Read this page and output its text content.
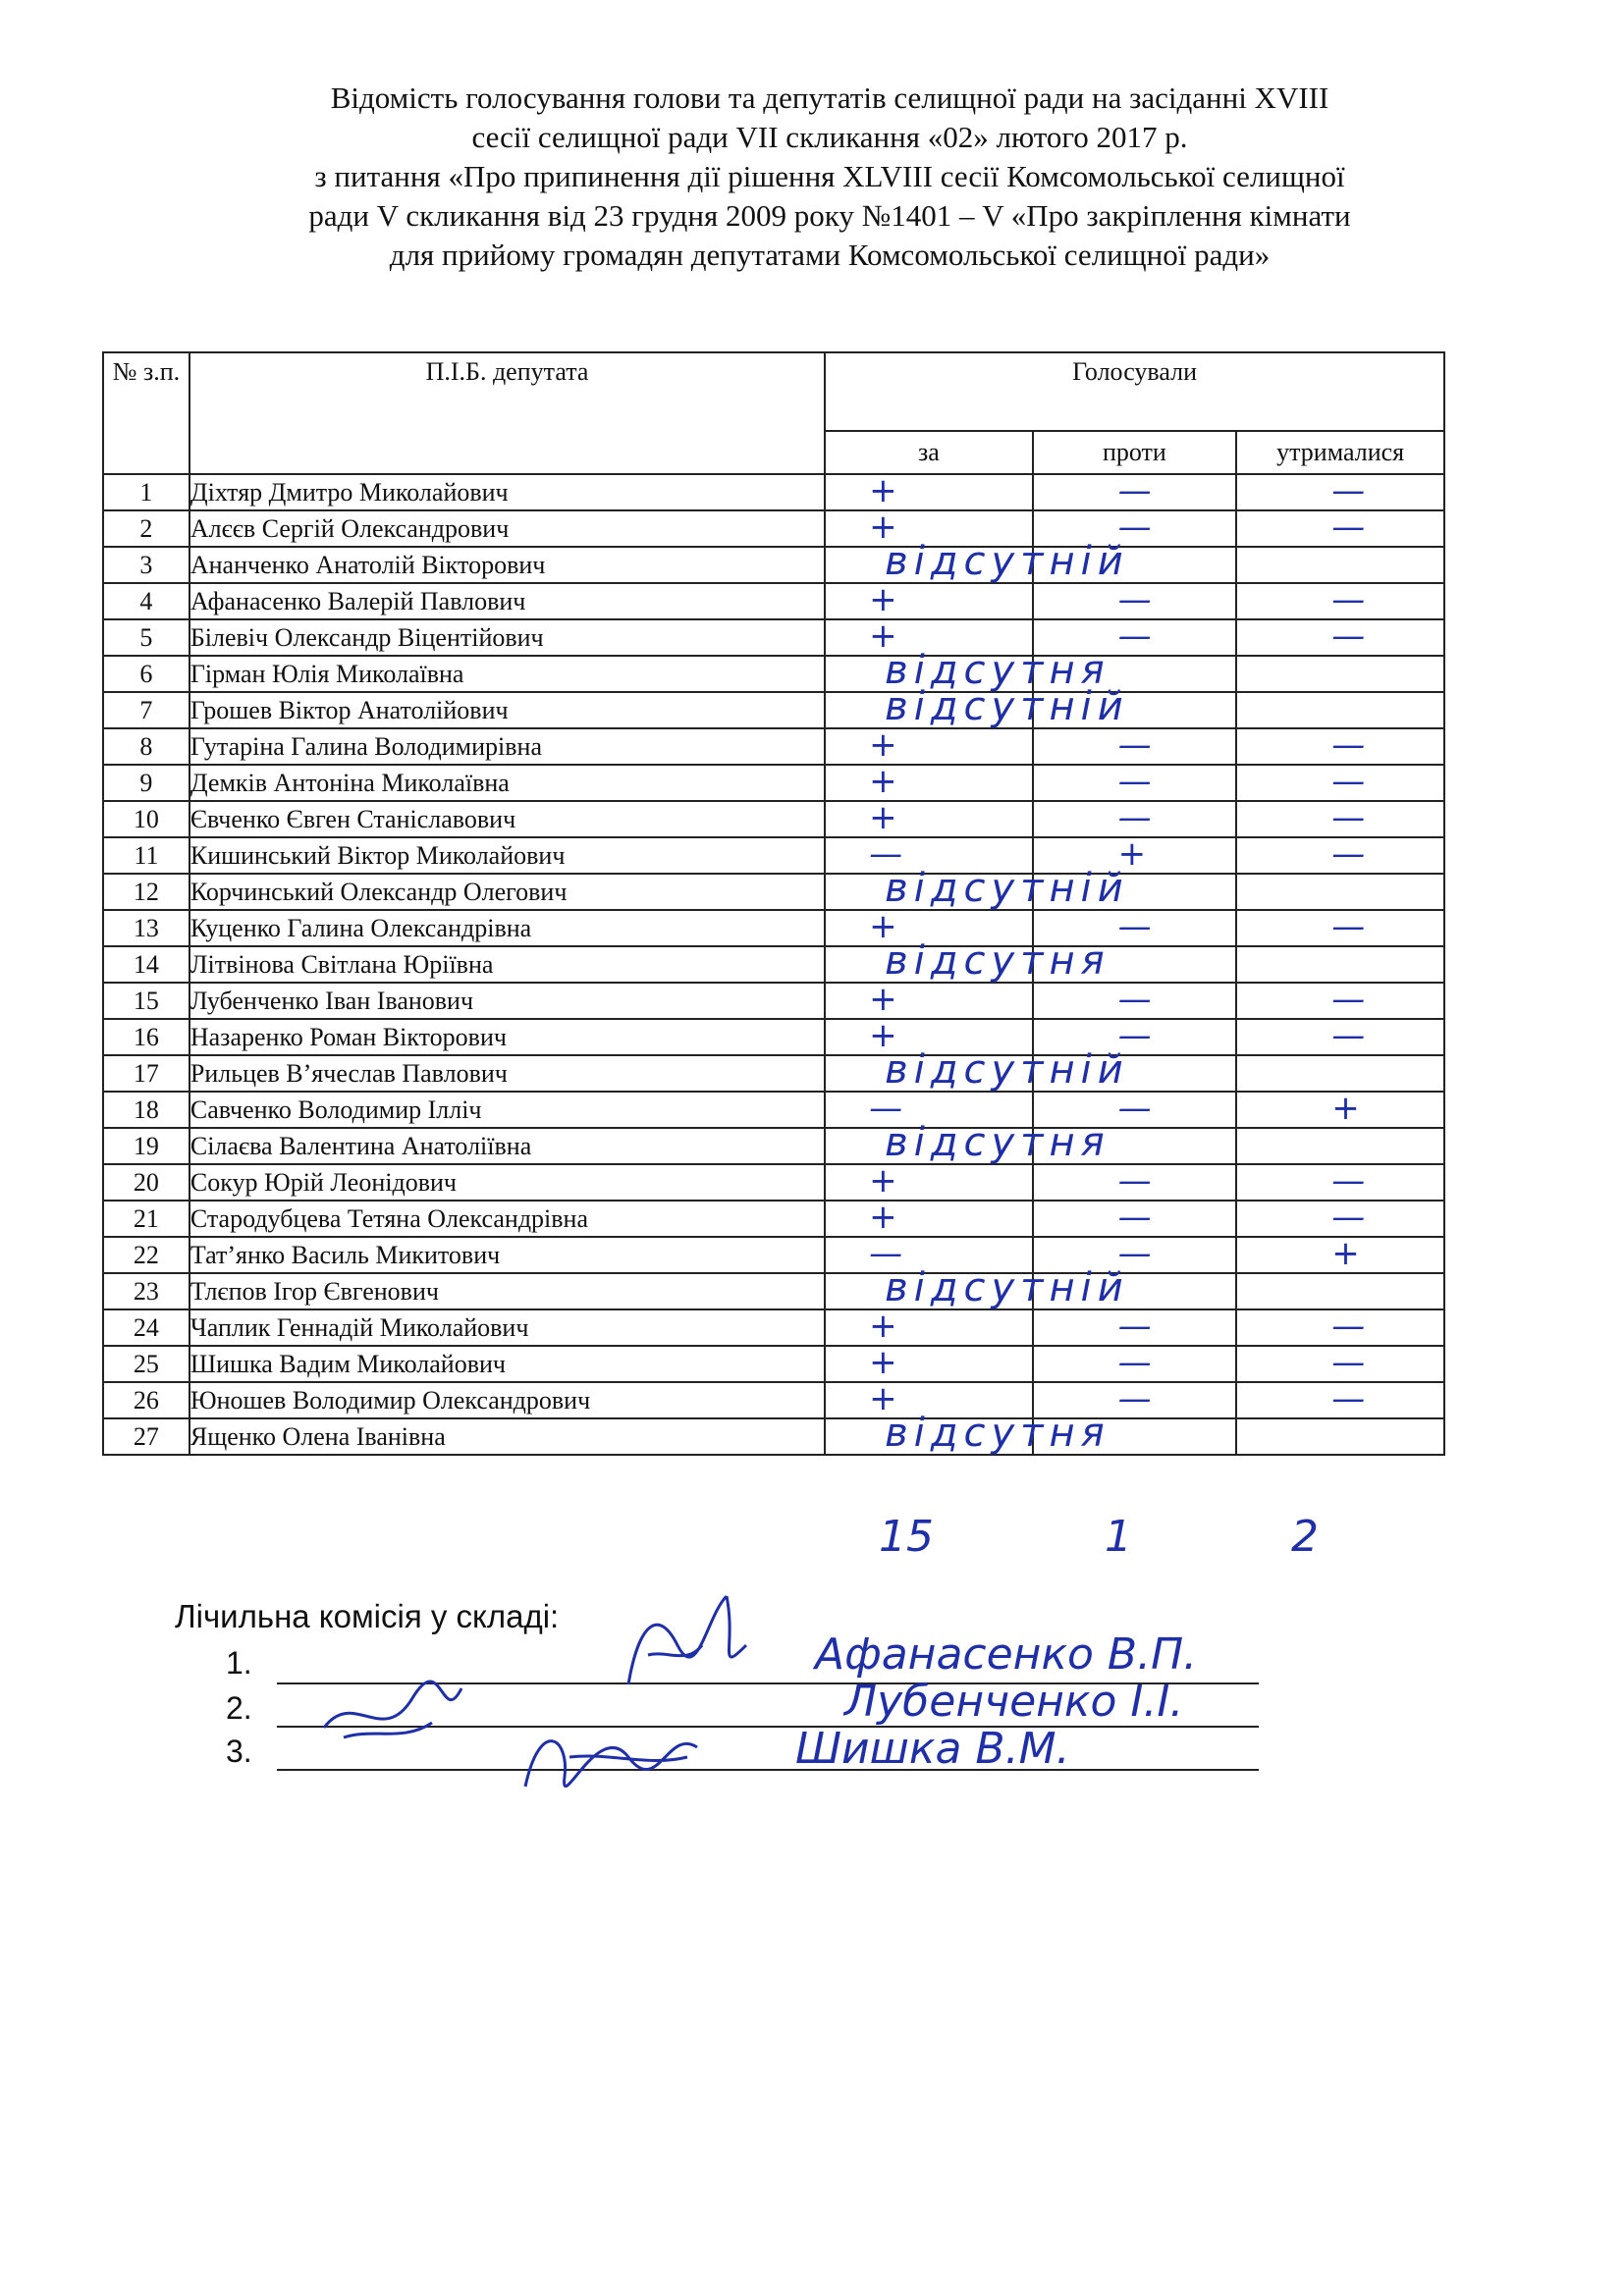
Відомість голосування голови та депутатів селищної ради на засіданні XVIII
сесії селищної ради VII скликання «02» лютого 2017 р.
з питання «Про припинення дії рішення XLVIII сесії Комсомольської селищної
ради V скликання від 23 грудня 2009 року №1401 – V «Про закріплення кімнати
для прийому громадян депутатами Комсомольської селищної ради»
№ з.п.	П.І.Б. депутата	Голосували		
		за	проти	утрималися
1	Діхтяр Дмитро Миколайович	+	—	—

2	Алєєв Сергій Олександрович	+	—	—

3	Ананченко Анатолій Вікторович	відсутній		

4	Афанасенко Валерій Павлович	+	—	—

5	Білевіч Олександр Віцентійович	+	—	—

6	Гірман Юлія Миколаївна	відсутня		

7	Грошев Віктор Анатолійович	відсутній		

8	Гутаріна Галина Володимирівна	+	—	—

9	Демків Антоніна Миколаївна	+	—	—

10	Євченко Євген Станіславович	+	—	—

11	Кишинський Віктор Миколайович	—	+	—

12	Корчинський Олександр Олегович	відсутній		

13	Куценко Галина Олександрівна	+	—	—

14	Літвінова Світлана Юріївна	відсутня		

15	Лубенченко Іван Іванович	+	—	—

16	Назаренко Роман Вікторович	+	—	—

17	Рильцев В’ячеслав Павлович	відсутній		

18	Савченко Володимир Ілліч	—	—	+

19	Сілаєва Валентина Анатоліївна	відсутня		

20	Сокур Юрій Леонідович	+	—	—

21	Стародубцева Тетяна Олександрівна	+	—	—

22	Тат’янко Василь Микитович	—	—	+

23	Тлєпов Ігор Євгенович	відсутній		

24	Чаплик Геннадій Миколайович	+	—	—

25	Шишка Вадим Миколайович	+	—	—

26	Юношев Володимир Олександрович	+	—	—

27	Ященко Олена Іванівна	відсутня		

15	1	2
Лічильна комісія у складі:
1.
2.
3.
Афанасенко В.П.
Лубенченко І.І.
Шишка В.М.
